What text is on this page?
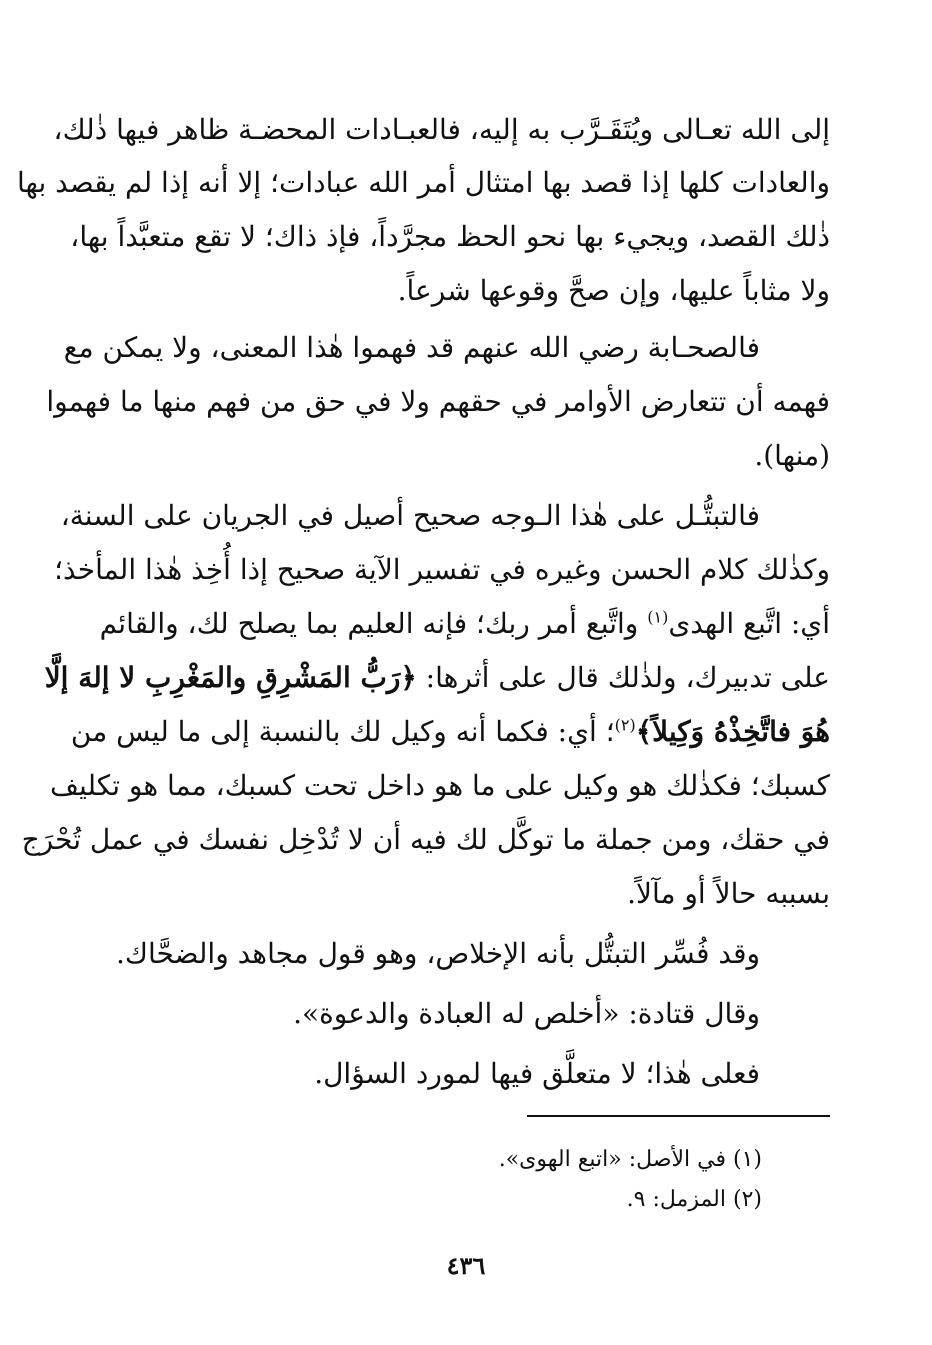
إلى الله تعـالى ويُتَقَـرَّب به إليه، فالعبـادات المحضـة ظاهر فيها ذٰلك،
والعادات كلها إذا قصد بها امتثال أمر الله عبادات؛ إلا أنه إذا لم يقصد بها
ذٰلك القصد، ويجيء بها نحو الحظ مجرَّداً، فإذ ذاك؛ لا تقع متعبَّداً بها،
ولا مثاباً عليها، وإن صحَّ وقوعها شرعاً.
فالصحـابة رضي الله عنهم قد فهموا هٰذا المعنى، ولا يمكن مع
فهمه أن تتعارض الأوامر في حقهم ولا في حق من فهم منها ما فهموا
(منها).
فالتبتُّـل على هٰذا الـوجه صحيح أصيل في الجريان على السنة،
وكذٰلك كلام الحسن وغيره في تفسير الآية صحيح إذا أُخِذ هٰذا المأخذ؛
أي: اتَّبع الهدى$^{(١)}$ واتَّبع أمر ربك؛ فإنه العليم بما يصلح لك، والقائم
على تدبيرك، ولذٰلك قال على أثرها: ﴿رَبُّ المَشْرِقِ والمَغْرِبِ لا إلهَ إلَّا
هُوَ فاتَّخِذْهُ وَكِيلاً﴾$^{(٢)}$؛ أي: فكما أنه وكيل لك بالنسبة إلى ما ليس من
كسبك؛ فكذٰلك هو وكيل على ما هو داخل تحت كسبك، مما هو تكليف
في حقك، ومن جملة ما توكَّل لك فيه أن لا تُدْخِل نفسك في عمل تُحْرَج
بسببه حالاً أو مآلاً.
وقد فُسِّر التبتُّل بأنه الإخلاص، وهو قول مجاهد والضحَّاك.
وقال قتادة: «أخلص له العبادة والدعوة».
فعلى هٰذا؛ لا متعلَّق فيها لمورد السؤال.
(١) في الأصل: «اتبع الهوى».
(٢) المزمل: ٩.
٤٣٦
